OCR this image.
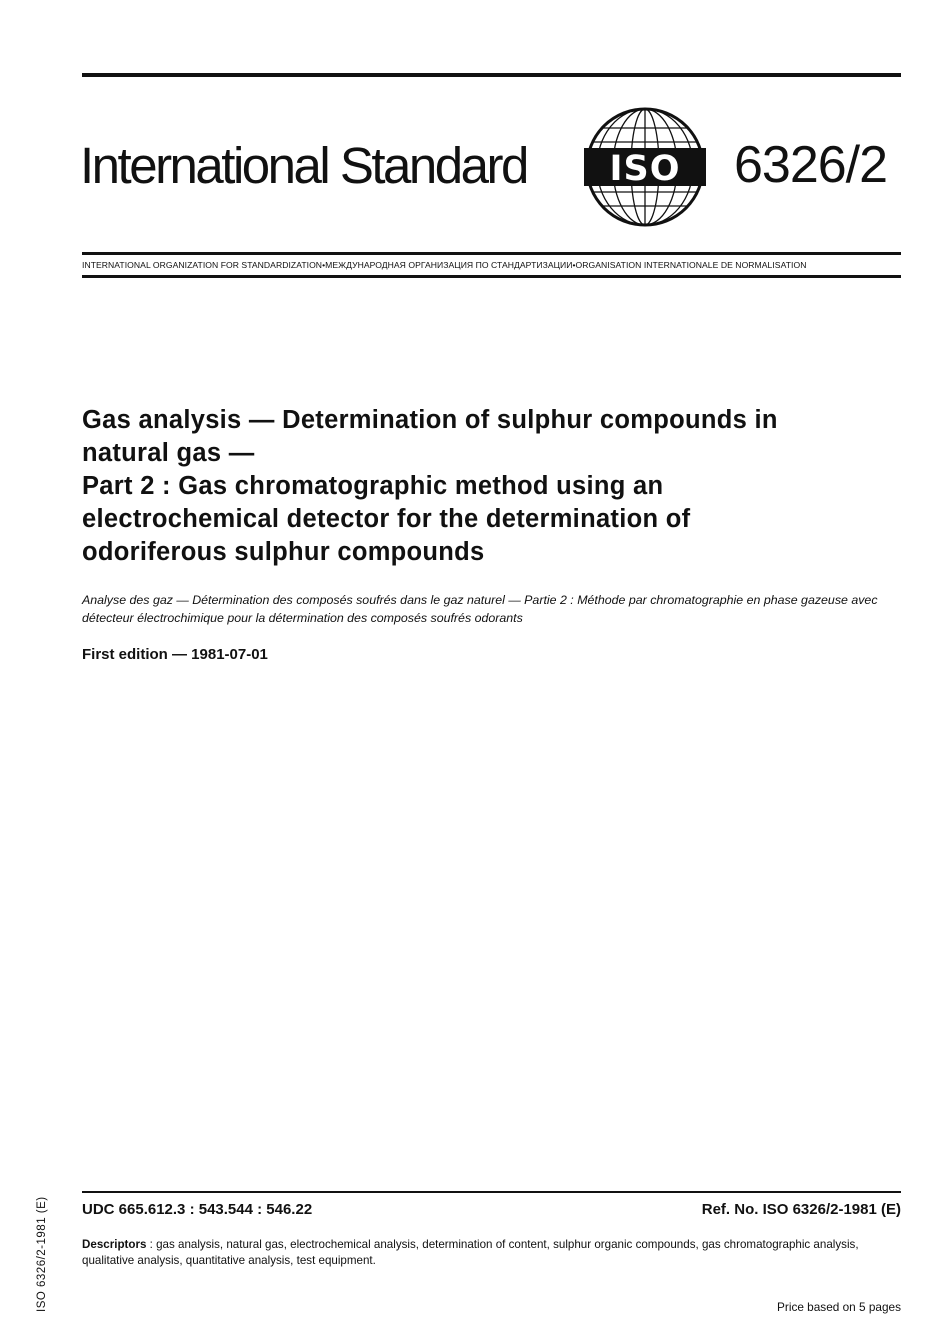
International Standard ISO 6326/2
INTERNATIONAL ORGANIZATION FOR STANDARDIZATION•МЕЖДУНАРОДНАЯ ОРГАНИЗАЦИЯ ПО СТАНДАРТИЗАЦИИ•ORGANISATION INTERNATIONALE DE NORMALISATION
Gas analysis — Determination of sulphur compounds in
natural gas —
Part 2 : Gas chromatographic method using an
electrochemical detector for the determination of
odoriferous sulphur compounds
Analyse des gaz — Détermination des composés soufrés dans le gaz naturel — Partie 2 : Méthode par chromatographie en phase gazeuse avec détecteur électrochimique pour la détermination des composés soufrés odorants
First edition — 1981-07-01
ISO 6326/2-1981 (E) UDC 665.612.3 : 543.544 : 546.22	Ref. No. ISO 6326/2-1981 (E)
Descriptors : gas analysis, natural gas, electrochemical analysis, determination of content, sulphur organic compounds, gas chromatographic analysis, qualitative analysis, quantitative analysis, test equipment.
Price based on 5 pages
